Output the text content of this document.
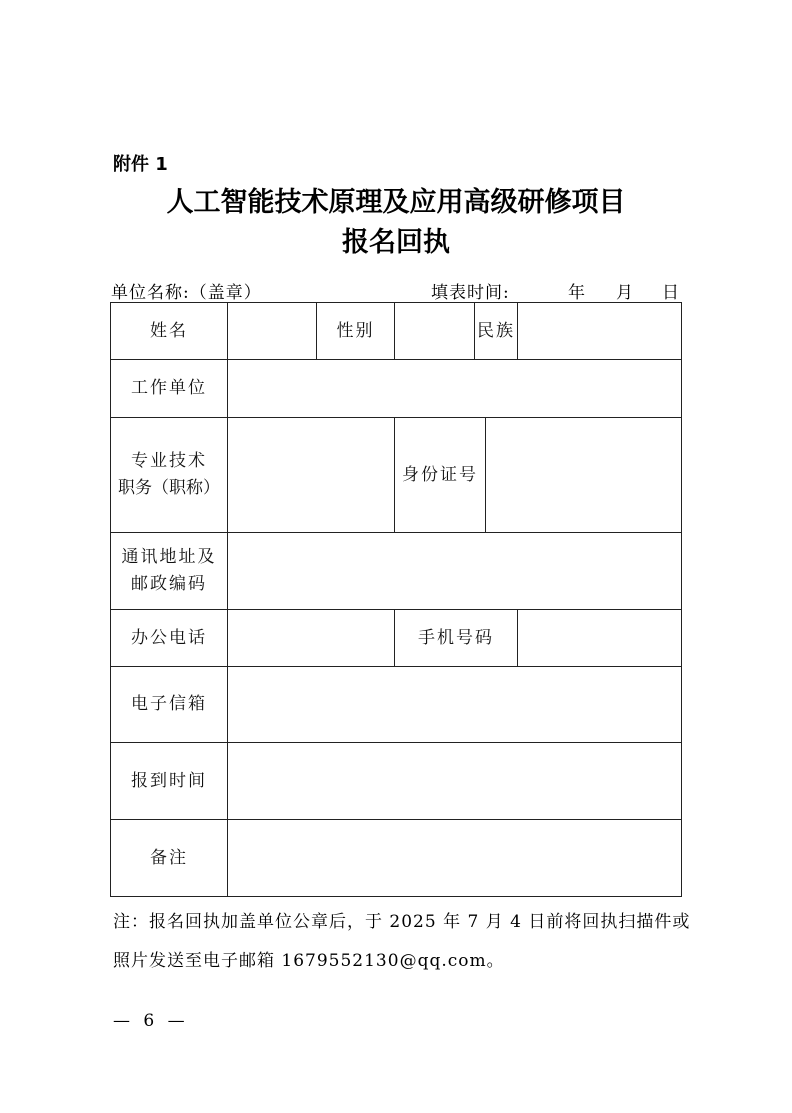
附件 1
人工智能技术原理及应用高级研修项目
报名回执
单位名称:（盖章）	填表时间:	年 月 日
姓名		性别		民族		
工作单位						

专业技术
职务（职称）			身份证号			

通讯地址及
邮政编码						

办公电话			手机号码			
电子信箱						
报到时间						
备注						
注：报名回执加盖单位公章后，于 2025 年 7 月 4 日前将回执扫描件或
照片发送至电子邮箱 1679552130@qq.com。
— 6 —
